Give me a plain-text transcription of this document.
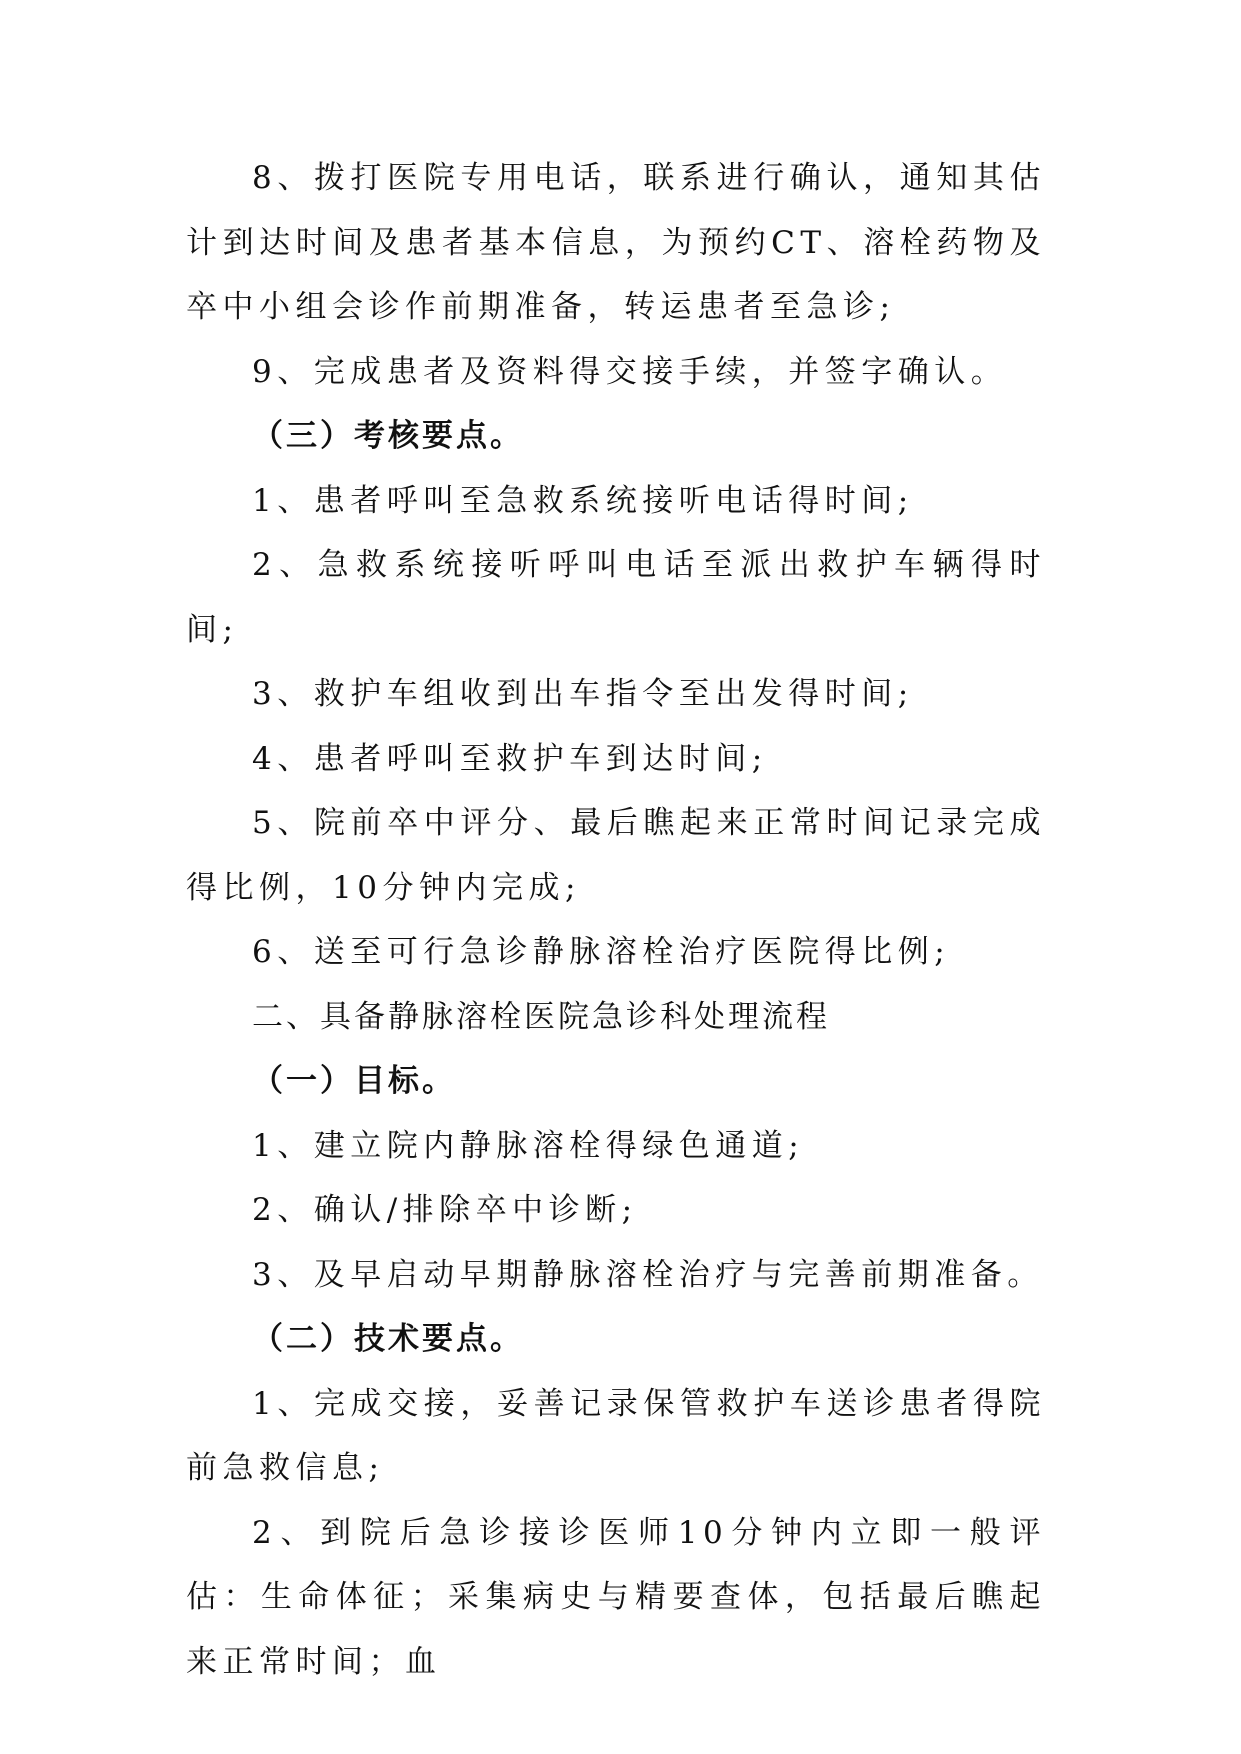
8、拨打医院专用电话，联系进行确认，通知其估计到达时间及患者基本信息，为预约CT、溶栓药物及卒中小组会诊作前期准备，转运患者至急诊;

9、完成患者及资料得交接手续，并签字确认。

（三）考核要点。

1、患者呼叫至急救系统接听电话得时间;

2、急救系统接听呼叫电话至派出救护车辆得时间;

3、救护车组收到出车指令至出发得时间;

4、患者呼叫至救护车到达时间;

5、院前卒中评分、最后瞧起来正常时间记录完成得比例，10分钟内完成;

6、送至可行急诊静脉溶栓治疗医院得比例;

二、具备静脉溶栓医院急诊科处理流程

（一）目标。

1、建立院内静脉溶栓得绿色通道;

2、确认/排除卒中诊断;

3、及早启动早期静脉溶栓治疗与完善前期准备。

（二）技术要点。

1、完成交接，妥善记录保管救护车送诊患者得院前急救信息;

2、到院后急诊接诊医师10分钟内立即一般评估：生命体征；采集病史与精要查体，包括最后瞧起来正常时间；血
